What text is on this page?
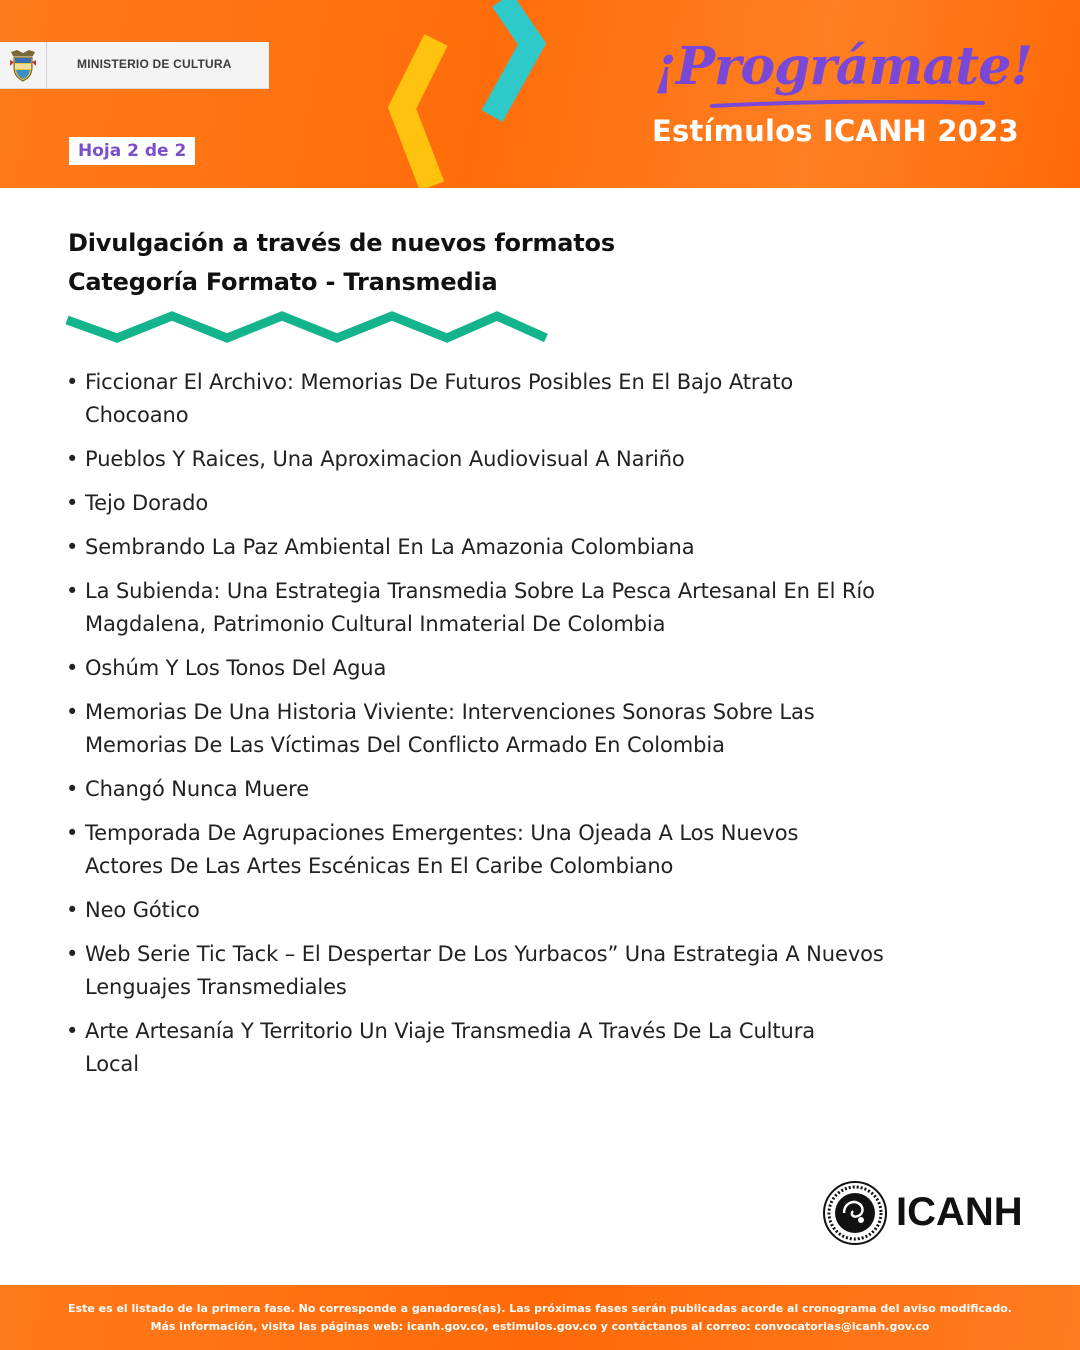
MINISTERIO DE CULTURA
Hoja 2 de 2
¡Prográmate!
Estímulos ICANH 2023
Divulgación a través de nuevos formatos
Categoría Formato - Transmedia
• Ficcionar El Archivo: Memorias De Futuros Posibles En El Bajo Atrato
Chocoano
• Pueblos Y Raices, Una Aproximacion Audiovisual A Nariño
• Tejo Dorado
• Sembrando La Paz Ambiental En La Amazonia Colombiana
• La Subienda: Una Estrategia Transmedia Sobre La Pesca Artesanal En El Río
Magdalena, Patrimonio Cultural Inmaterial De Colombia
• Oshúm Y Los Tonos Del Agua
• Memorias De Una Historia Viviente: Intervenciones Sonoras Sobre Las
Memorias De Las Víctimas Del Conflicto Armado En Colombia
• Changó Nunca Muere
• Temporada De Agrupaciones Emergentes: Una Ojeada A Los Nuevos
Actores De Las Artes Escénicas En El Caribe Colombiano
• Neo Gótico
• Web Serie Tic Tack – El Despertar De Los Yurbacos” Una Estrategia A Nuevos
Lenguajes Transmediales
• Arte Artesanía Y Territorio Un Viaje Transmedia A Través De La Cultura
Local
ICANH
Este es el listado de la primera fase. No corresponde a ganadores(as). Las próximas fases serán publicadas acorde al cronograma del aviso modificado.
Más información, visita las páginas web: icanh.gov.co, estimulos.gov.co y contáctanos al correo: convocatorias@icanh.gov.co
